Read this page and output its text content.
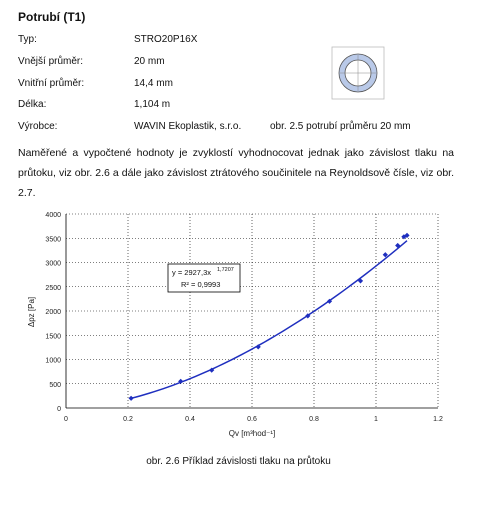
Potrubí (T1)
Typ:	STRO20P16X
Vnější průměr:	20 mm
Vnitřní průměr:	14,4 mm
Délka:	1,104 m
Výrobce:	WAVIN Ekoplastik, s.r.o.	obr. 2.5 potrubí průměru 20 mm
Naměřené a vypočtené hodnoty je zvyklostí vyhodnocovat jednak jako závislost tlaku na průtoku, viz obr. 2.6 a dále jako závislost ztrátového součinitele na Reynoldsově čísle, viz obr. 2.7.
0
500
1000
1500
2000
2500
3000
3500
4000
0	0.2	0.4	0.6	0.8	1	1.2
y = 2927,3x 1,7207
R² = 0,9993
Δpz [Pa]
Qv [m³hod⁻¹]
obr. 2.6 Příklad závislosti tlaku na průtoku
